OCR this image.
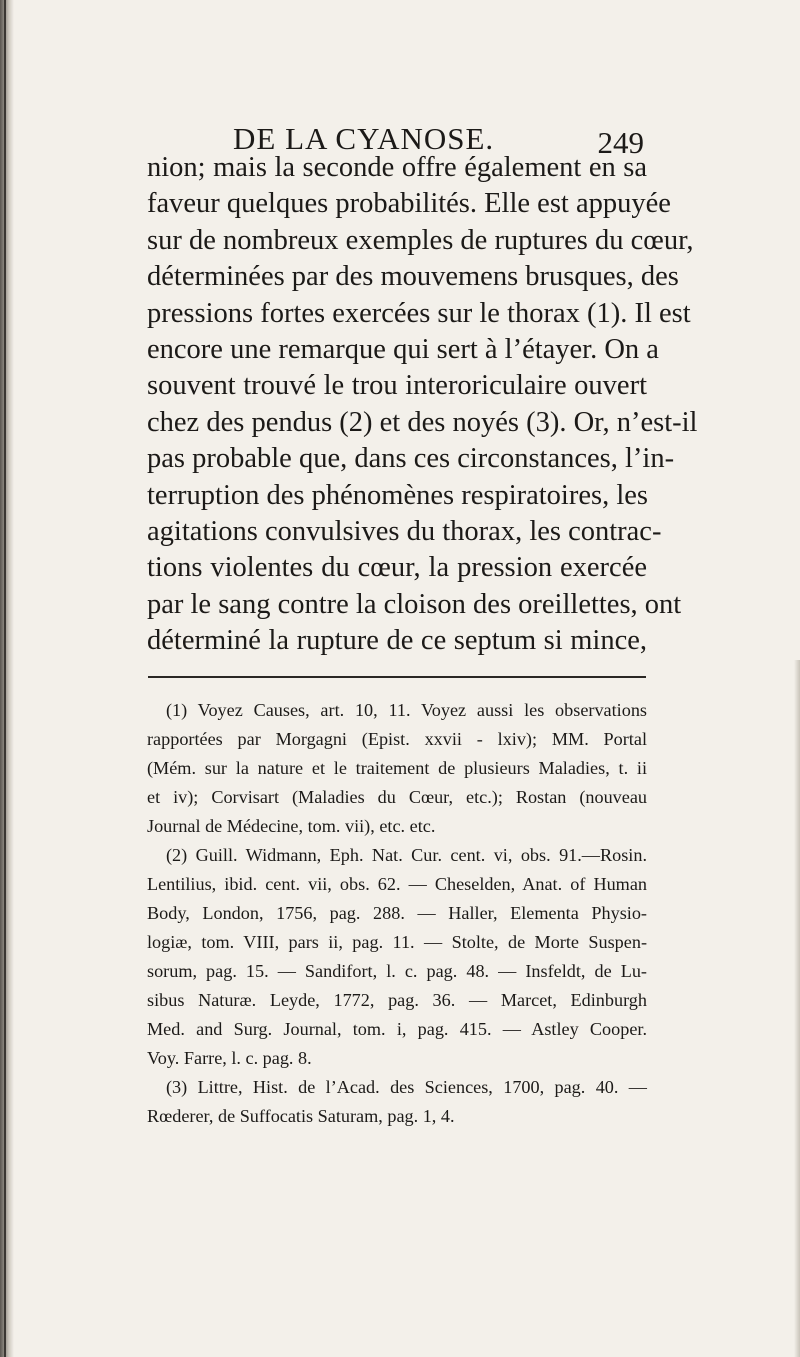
DE LA CYANOSE.	249
nion; mais la seconde offre également en sa
faveur quelques probabilités. Elle est appuyée
sur de nombreux exemples de ruptures du cœur,
déterminées par des mouvemens brusques, des
pressions fortes exercées sur le thorax (1). Il est
encore une remarque qui sert à l’étayer. On a
souvent trouvé le trou interoriculaire ouvert
chez des pendus (2) et des noyés (3). Or, n’est-il
pas probable que, dans ces circonstances, l’in-
terruption des phénomènes respiratoires, les
agitations convulsives du thorax, les contrac-
tions violentes du cœur, la pression exercée
par le sang contre la cloison des oreillettes, ont
déterminé la rupture de ce septum si mince,
(1) Voyez Causes, art. 10, 11. Voyez aussi les observations
rapportées par Morgagni (Epist. xxvii - lxiv); MM. Portal
(Mém. sur la nature et le traitement de plusieurs Maladies, t. ii
et iv); Corvisart (Maladies du Cœur, etc.); Rostan (nouveau
Journal de Médecine, tom. vii), etc. etc.
(2) Guill. Widmann, Eph. Nat. Cur. cent. vi, obs. 91.—Rosin.
Lentilius, ibid. cent. vii, obs. 62. — Cheselden, Anat. of Human
Body, London, 1756, pag. 288. — Haller, Elementa Physio-
logiæ, tom. VIII, pars ii, pag. 11. — Stolte, de Morte Suspen-
sorum, pag. 15. — Sandifort, l. c. pag. 48. — Insfeldt, de Lu-
sibus Naturæ. Leyde, 1772, pag. 36. — Marcet, Edinburgh
Med. and Surg. Journal, tom. i, pag. 415. — Astley Cooper.
Voy. Farre, l. c. pag. 8.
(3) Littre, Hist. de l’Acad. des Sciences, 1700, pag. 40. —
Rœderer, de Suffocatis Saturam, pag. 1, 4.
